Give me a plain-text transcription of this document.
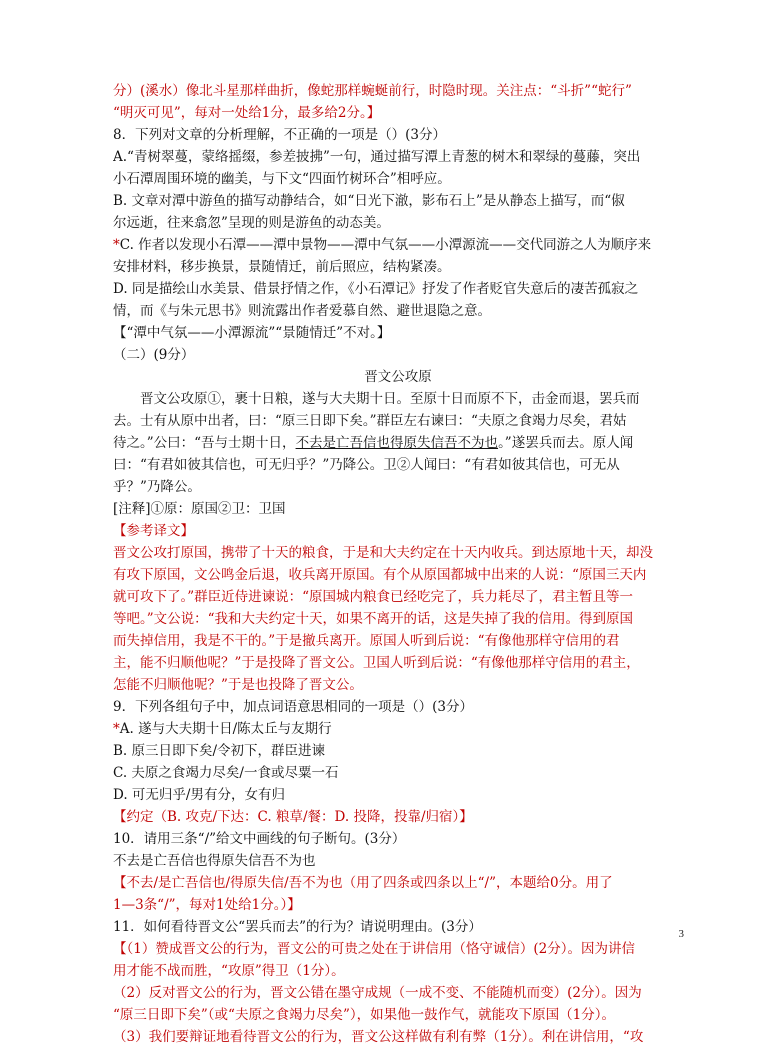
分）(溪水）像北斗星那样曲折，像蛇那样蜿蜒前行，时隐时现。关注点：“斗折”“蛇行”
“明灭可见”，每对一处给1分，最多给2分。】
8．下列对文章的分析理解，不正确的一项是（）(3分）
A.“青树翠蔓，蒙络摇缀，参差披拂”一句，通过描写潭上青葱的树木和翠绿的蔓藤，突出
小石潭周围环境的幽美，与下文“四面竹树环合”相呼应。
B. 文章对潭中游鱼的描写动静结合，如“日光下澈，影布石上”是从静态上描写，而“俶
尔远逝，往来翕忽”呈现的则是游鱼的动态美。
*C. 作者以发现小石潭——潭中景物——潭中气氛——小潭源流——交代同游之人为顺序来
安排材料，移步换景，景随情迁，前后照应，结构紧凑。
D. 同是描绘山水美景、借景抒情之作，《小石潭记》抒发了作者贬官失意后的凄苦孤寂之
情，而《与朱元思书》则流露出作者爱慕自然、避世退隐之意。
【“潭中气氛——小潭源流”“景随情迁”不对。】
（二）(9分）
晋文公攻原
晋文公攻原①，裹十日粮，遂与大夫期十日。至原十日而原不下，击金而退，罢兵而
去。士有从原中出者，曰：“原三日即下矣。”群臣左右谏曰：“夫原之食竭力尽矣，君姑
待之。”公曰：“吾与士期十日，不去是亡吾信也得原失信吾不为也。”遂罢兵而去。原人闻
曰：“有君如彼其信也，可无归乎？”乃降公。卫②人闻曰：“有君如彼其信也，可无从
乎？”乃降公。
[注释]①原：原国②卫：卫国
【参考译文】
晋文公攻打原国，携带了十天的粮食，于是和大夫约定在十天内收兵。到达原地十天，却没
有攻下原国，文公鸣金后退，收兵离开原国。有个从原国都城中出来的人说：“原国三天内
就可攻下了。”群臣近侍进谏说：“原国城内粮食已经吃完了，兵力耗尽了，君主暂且等一
等吧。”文公说：“我和大夫约定十天，如果不离开的话，这是失掉了我的信用。得到原国
而失掉信用，我是不干的。”于是撤兵离开。原国人听到后说：“有像他那样守信用的君
主，能不归顺他呢？”于是投降了晋文公。卫国人听到后说：“有像他那样守信用的君主，
怎能不归顺他呢？”于是也投降了晋文公。
9．下列各组句子中，加点词语意思相同的一项是（）(3分）
*A. 遂与大夫期十日/陈太丘与友期行
B. 原三日即下矣/令初下，群臣进谏
C. 夫原之食竭力尽矣/一食或尽粟一石
D. 可无归乎/男有分，女有归
【约定（B. 攻克/下达：C. 粮草/餐：D. 投降，投靠/归宿）】
10．请用三条“/”给文中画线的句子断句。(3分）
不去是亡吾信也得原失信吾不为也
【不去/是亡吾信也/得原失信/吾不为也（用了四条或四条以上“/”，本题给0分。用了
1—3条“/”，每对1处给1分。）】
11．如何看待晋文公“罢兵而去”的行为？请说明理由。(3分）
【（1）赞成晋文公的行为，晋文公的可贵之处在于讲信用（恪守诚信）(2分）。因为讲信
用才能不战而胜，“攻原”得卫（1分）。
（2）反对晋文公的行为，晋文公错在墨守成规（一成不变、不能随机而变）(2分）。因为
“原三日即下矣”（或“夫原之食竭力尽矣”），如果他一鼓作气，就能攻下原国（1分）。
（3）我们要辩证地看待晋文公的行为，晋文公这样做有利有弊（1分）。利在讲信用，“攻
3
